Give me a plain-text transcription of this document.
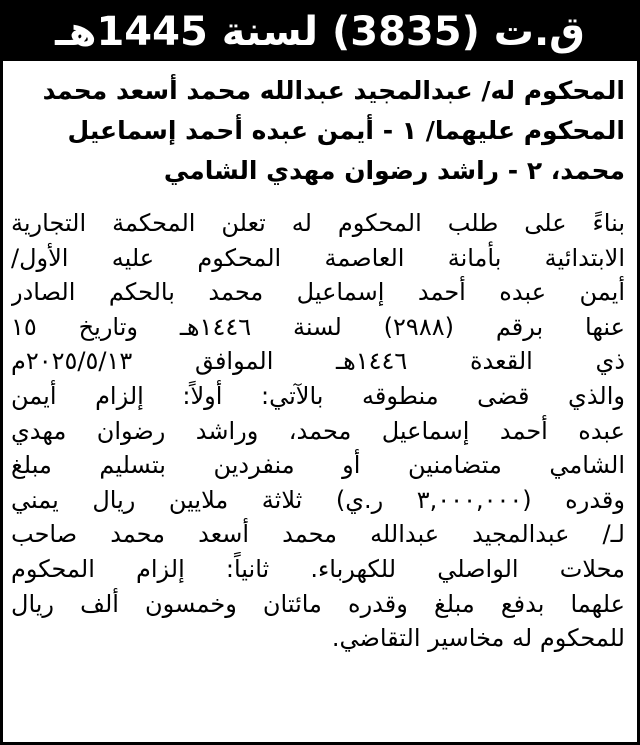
ق.ت (3835) لسنة 1445هـ
المحكوم له/ عبدالمجيد عبدالله محمد أسعد محمد
المحكوم عليهما/ ١ - أيمن عبده أحمد إسماعيل
محمد، ٢ - راشد رضوان مهدي الشامي
بناءً على طلب المحكوم له تعلن المحكمة التجارية
الابتدائية بأمانة العاصمة المحكوم عليه الأول/
أيمن عبده أحمد إسماعيل محمد بالحكم الصادر
عنها برقم (٢٩٨٨) لسنة ١٤٤٦هـ وتاريخ ١٥
ذي القعدة ١٤٤٦هـ الموافق ٢٠٢٥/٥/١٣م
والذي قضى منطوقه بالآتي: أولاً: إلزام أيمن
عبده أحمد إسماعيل محمد، وراشد رضوان مهدي
الشامي متضامنين أو منفردين بتسليم مبلغ
وقدره (٣,٠٠٠,٠٠٠ ر.ي) ثلاثة ملايين ريال يمني
لـ/ عبدالمجيد عبدالله محمد أسعد محمد صاحب
محلات الواصلي للكهرباء. ثانياً: إلزام المحكوم
علهما بدفع مبلغ وقدره مائتان وخمسون ألف ريال
للمحكوم له مخاسير التقاضي.
